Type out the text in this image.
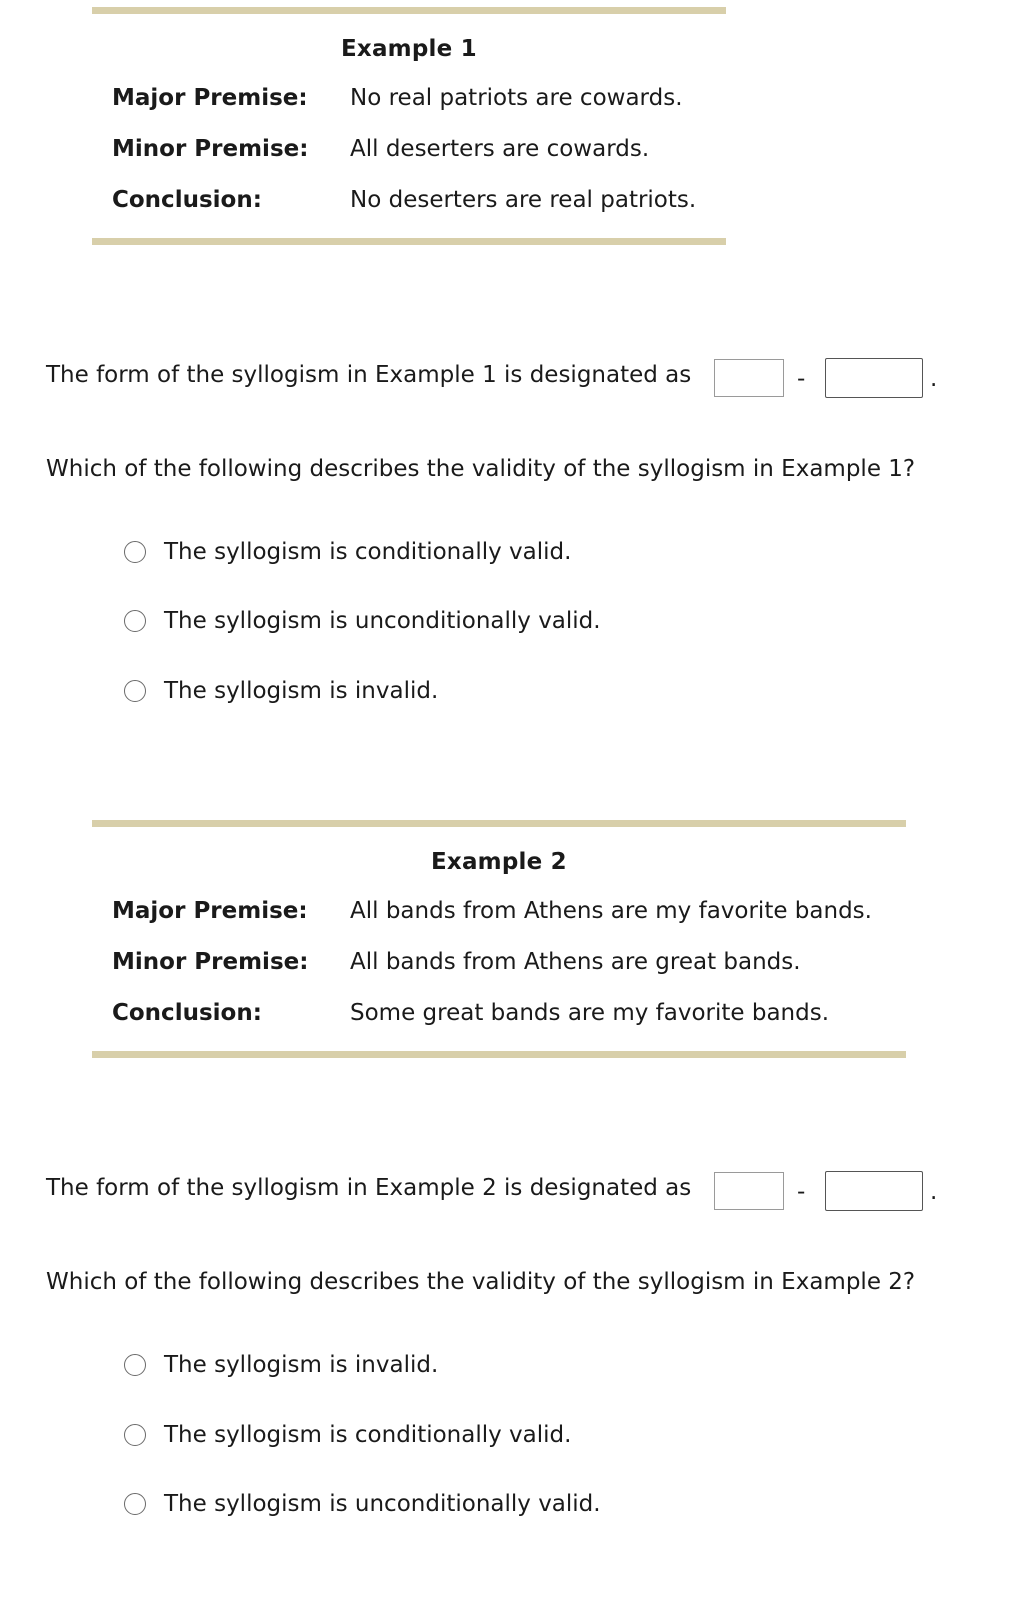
Example 1
Major Premise: No real patriots are cowards.
Minor Premise: All deserters are cowards.
Conclusion:	No deserters are real patriots.
The form of the syllogism in Example 1 is designated as	-	.
Which of the following describes the validity of the syllogism in Example 1?
The syllogism is conditionally valid.
The syllogism is unconditionally valid.
The syllogism is invalid.
Example 2
Major Premise: All bands from Athens are my favorite bands.
Minor Premise: All bands from Athens are great bands.
Conclusion:	Some great bands are my favorite bands.
The form of the syllogism in Example 2 is designated as	-	.
Which of the following describes the validity of the syllogism in Example 2?
The syllogism is invalid.
The syllogism is conditionally valid.
The syllogism is unconditionally valid.
